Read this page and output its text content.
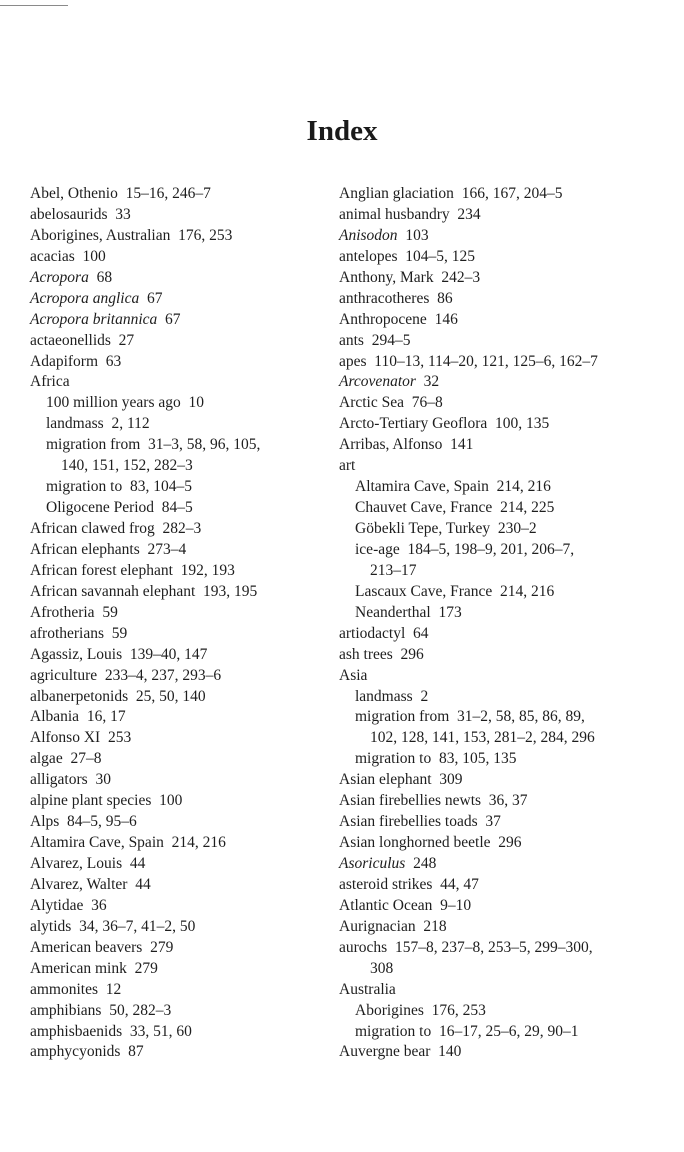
Index
Abel, Othenio  15–16, 246–7
abelosaurids  33
Aborigines, Australian  176, 253
acacias  100
Acropora  68
Acropora anglica  67
Acropora britannica  67
actaeonellids  27
Adapiform  63
Africa
100 million years ago  10
landmass  2, 112
migration from  31–3, 58, 96, 105,
140, 151, 152, 282–3
migration to  83, 104–5
Oligocene Period  84–5
African clawed frog  282–3
African elephants  273–4
African forest elephant  192, 193
African savannah elephant  193, 195
Afrotheria  59
afrotherians  59
Agassiz, Louis  139–40, 147
agriculture  233–4, 237, 293–6
albanerpetonids  25, 50, 140
Albania  16, 17
Alfonso XI  253
algae  27–8
alligators  30
alpine plant species  100
Alps  84–5, 95–6
Altamira Cave, Spain  214, 216
Alvarez, Louis  44
Alvarez, Walter  44
Alytidae  36
alytids  34, 36–7, 41–2, 50
American beavers  279
American mink  279
ammonites  12
amphibians  50, 282–3
amphisbaenids  33, 51, 60
amphycyonids  87
Anglian glaciation  166, 167, 204–5
animal husbandry  234
Anisodon  103
antelopes  104–5, 125
Anthony, Mark  242–3
anthracotheres  86
Anthropocene  146
ants  294–5
apes  110–13, 114–20, 121, 125–6, 162–7
Arcovenator  32
Arctic Sea  76–8
Arcto-Tertiary Geoflora  100, 135
Arribas, Alfonso  141
art
Altamira Cave, Spain  214, 216
Chauvet Cave, France  214, 225
Göbekli Tepe, Turkey  230–2
ice-age  184–5, 198–9, 201, 206–7,
213–17
Lascaux Cave, France  214, 216
Neanderthal  173
artiodactyl  64
ash trees  296
Asia
landmass  2
migration from  31–2, 58, 85, 86, 89,
102, 128, 141, 153, 281–2, 284, 296
migration to  83, 105, 135
Asian elephant  309
Asian firebellies newts  36, 37
Asian firebellies toads  37
Asian longhorned beetle  296
Asoriculus  248
asteroid strikes  44, 47
Atlantic Ocean  9–10
Aurignacian  218
aurochs  157–8, 237–8, 253–5, 299–300,
308
Australia
Aborigines  176, 253
migration to  16–17, 25–6, 29, 90–1
Auvergne bear  140
